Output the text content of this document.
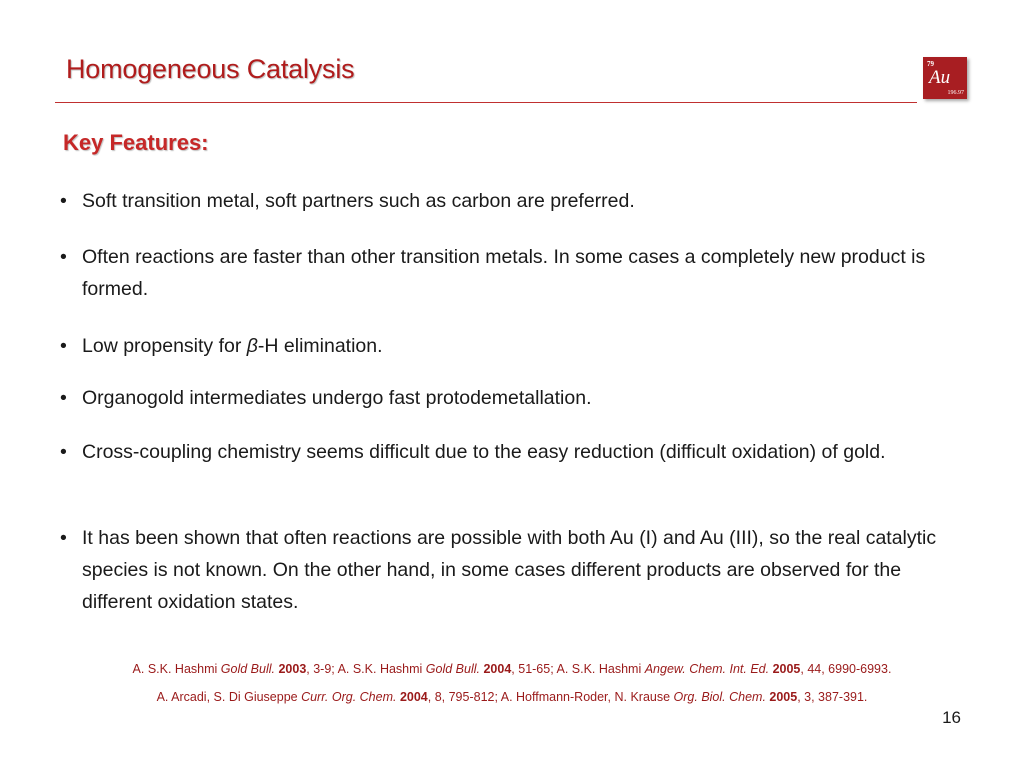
Homogeneous Catalysis	79
Au
196.97
Key Features:
• Soft transition metal, soft partners such as carbon are preferred.
• Often reactions are faster than other transition metals. In some cases a completely new product is formed.
• Low propensity for β-H elimination.
• Organogold intermediates undergo fast protodemetallation.
• Cross-coupling chemistry seems difficult due to the easy reduction (difficult oxidation) of gold.
• It has been shown that often reactions are possible with both Au (I) and Au (III), so the real catalytic species is not known. On the other hand, in some cases different products are observed for the different oxidation states.
A. S.K. Hashmi Gold Bull. 2003, 3-9; A. S.K. Hashmi Gold Bull. 2004, 51-65; A. S.K. Hashmi Angew. Chem. Int. Ed. 2005, 44, 6990-6993.
A. Arcadi, S. Di Giuseppe Curr. Org. Chem. 2004, 8, 795-812; A. Hoffmann-Roder, N. Krause Org. Biol. Chem. 2005, 3, 387-391.
16
